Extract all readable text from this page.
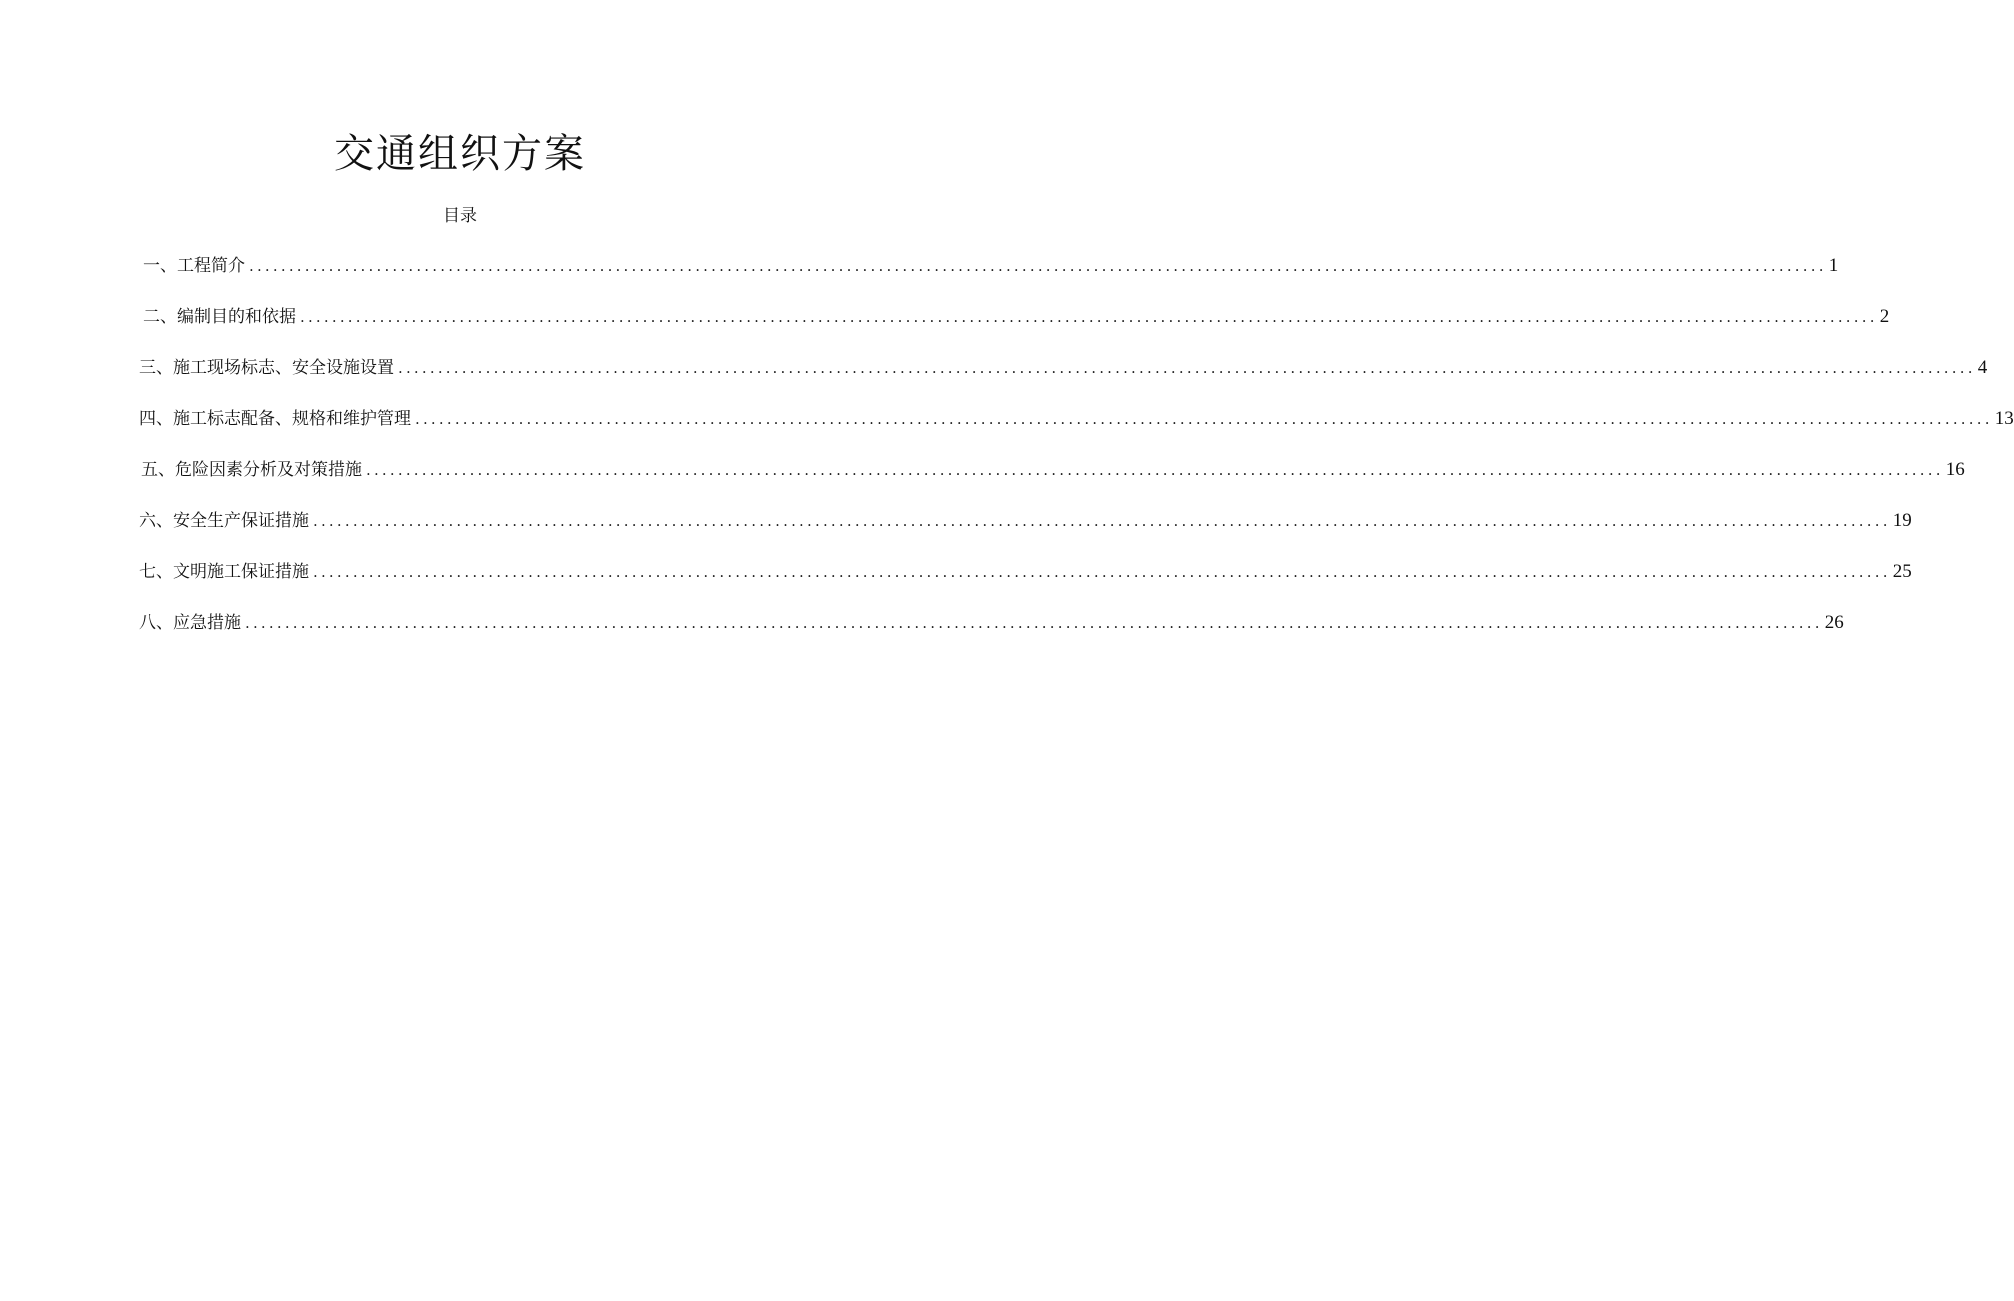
交通组织方案
目录
一、工程简介 ...................................................................................................................................................................................................... 1
二、编制目的和依据 ...................................................................................................................................................................................................... 2
三、施工现场标志、安全设施设置 ...................................................................................................................................................................................................... 4
四、施工标志配备、规格和维护管理 ...................................................................................................................................................................................................... 13
五、危险因素分析及对策措施 ...................................................................................................................................................................................................... 16
六、安全生产保证措施 ...................................................................................................................................................................................................... 19
七、文明施工保证措施 ...................................................................................................................................................................................................... 25
八、应急措施 ...................................................................................................................................................................................................... 26
